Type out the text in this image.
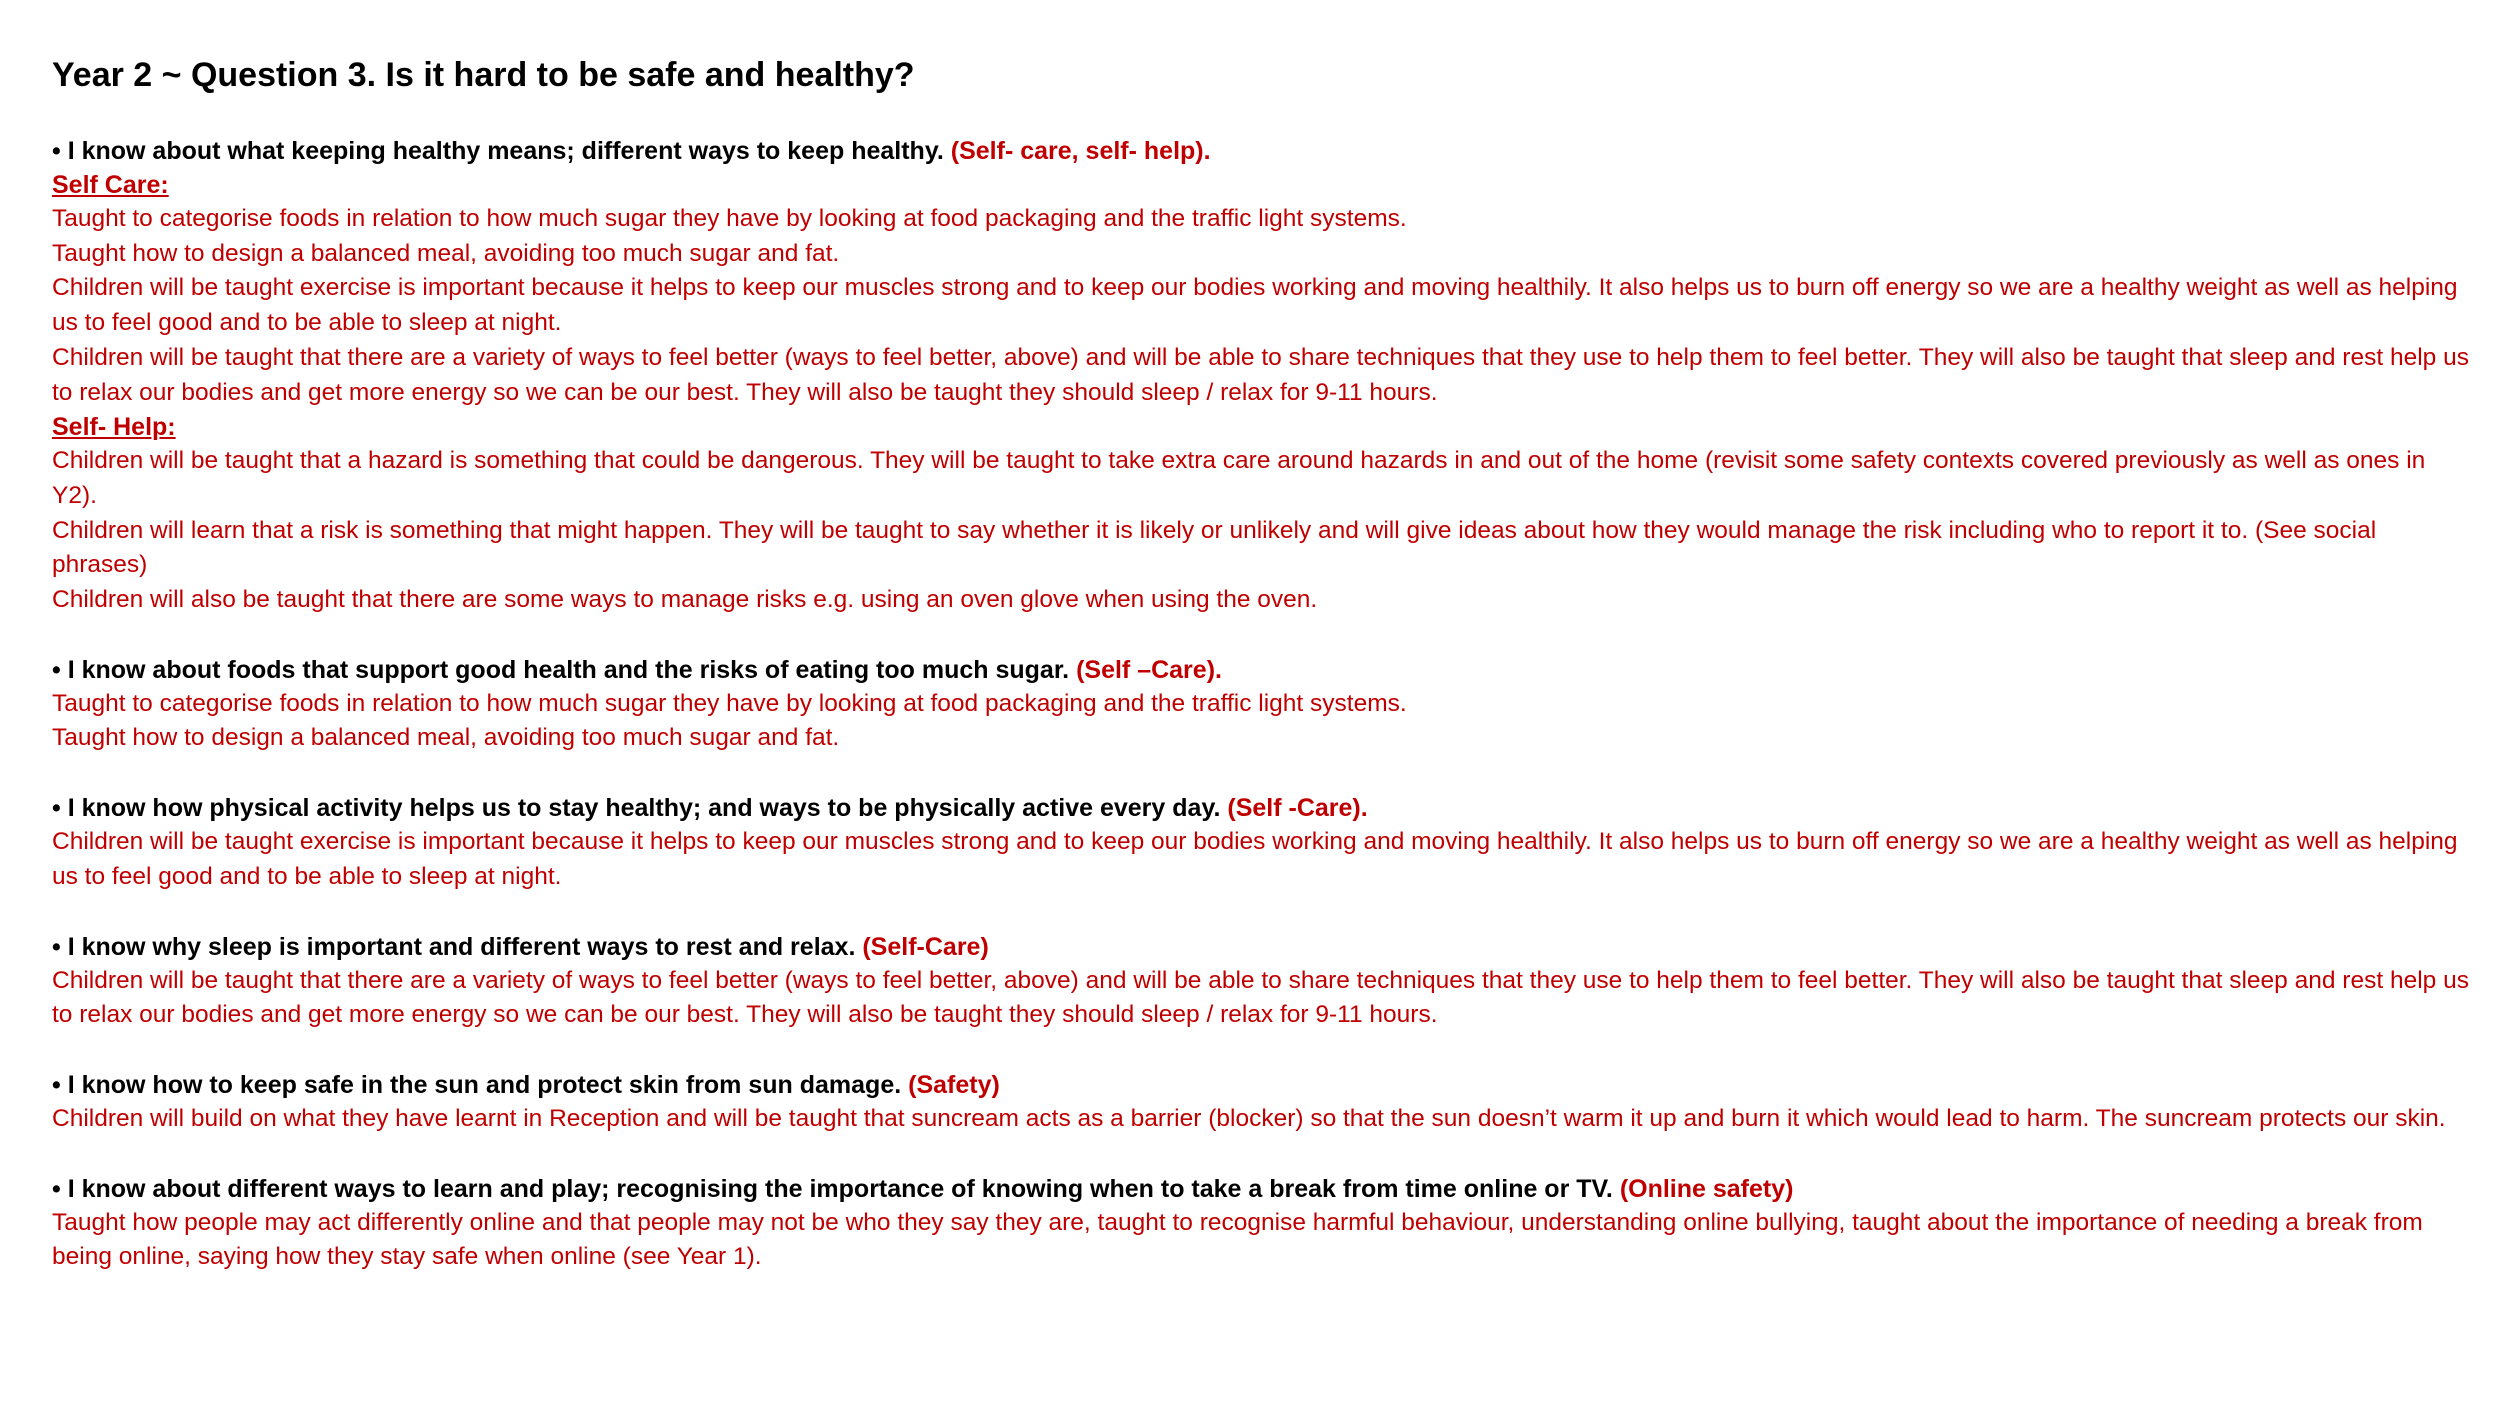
Year 2 ~ Question 3. Is it hard to be safe and healthy?

• I know about what keeping healthy means; different ways to keep healthy. (Self- care, self- help).

Self Care:

Taught to categorise foods in relation to how much sugar they have by looking at food packaging and the traffic light systems.

Taught how to design a balanced meal, avoiding too much sugar and fat.

Children will be taught exercise is important because it helps to keep our muscles strong and to keep our bodies working and moving healthily. It also helps us to burn off energy so we are a healthy weight as well as helping us to feel good and to be able to sleep at night.

Children will be taught that there are a variety of ways to feel better (ways to feel better, above) and will be able to share techniques that they use to help them to feel better. They will also be taught that sleep and rest help us to relax our bodies and get more energy so we can be our best. They will also be taught they should sleep / relax for 9-11 hours.

Self- Help:

Children will be taught that a hazard is something that could be dangerous. They will be taught to take extra care around hazards in and out of the home (revisit some safety contexts covered previously as well as ones in Y2).

Children will learn that a risk is something that might happen. They will be taught to say whether it is likely or unlikely and will give ideas about how they would manage the risk including who to report it to. (See social phrases)

Children will also be taught that there are some ways to manage risks e.g. using an oven glove when using the oven.

• I know about foods that support good health and the risks of eating too much sugar. (Self –Care).

Taught to categorise foods in relation to how much sugar they have by looking at food packaging and the traffic light systems.

Taught how to design a balanced meal, avoiding too much sugar and fat.

• I know how physical activity helps us to stay healthy; and ways to be physically active every day. (Self -Care).

Children will be taught exercise is important because it helps to keep our muscles strong and to keep our bodies working and moving healthily. It also helps us to burn off energy so we are a healthy weight as well as helping us to feel good and to be able to sleep at night.

• I know why sleep is important and different ways to rest and relax. (Self-Care)

Children will be taught that there are a variety of ways to feel better (ways to feel better, above) and will be able to share techniques that they use to help them to feel better. They will also be taught that sleep and rest help us to relax our bodies and get more energy so we can be our best. They will also be taught they should sleep / relax for 9-11 hours.

• I know how to keep safe in the sun and protect skin from sun damage. (Safety)

Children will build on what they have learnt in Reception and will be taught that suncream acts as a barrier (blocker) so that the sun doesn’t warm it up and burn it which would lead to harm. The suncream protects our skin.

• I know about different ways to learn and play; recognising the importance of knowing when to take a break from time online or TV. (Online safety)

Taught how people may act differently online and that people may not be who they say they are, taught to recognise harmful behaviour, understanding online bullying, taught about the importance of needing a break from being online, saying how they stay safe when online (see Year 1).
